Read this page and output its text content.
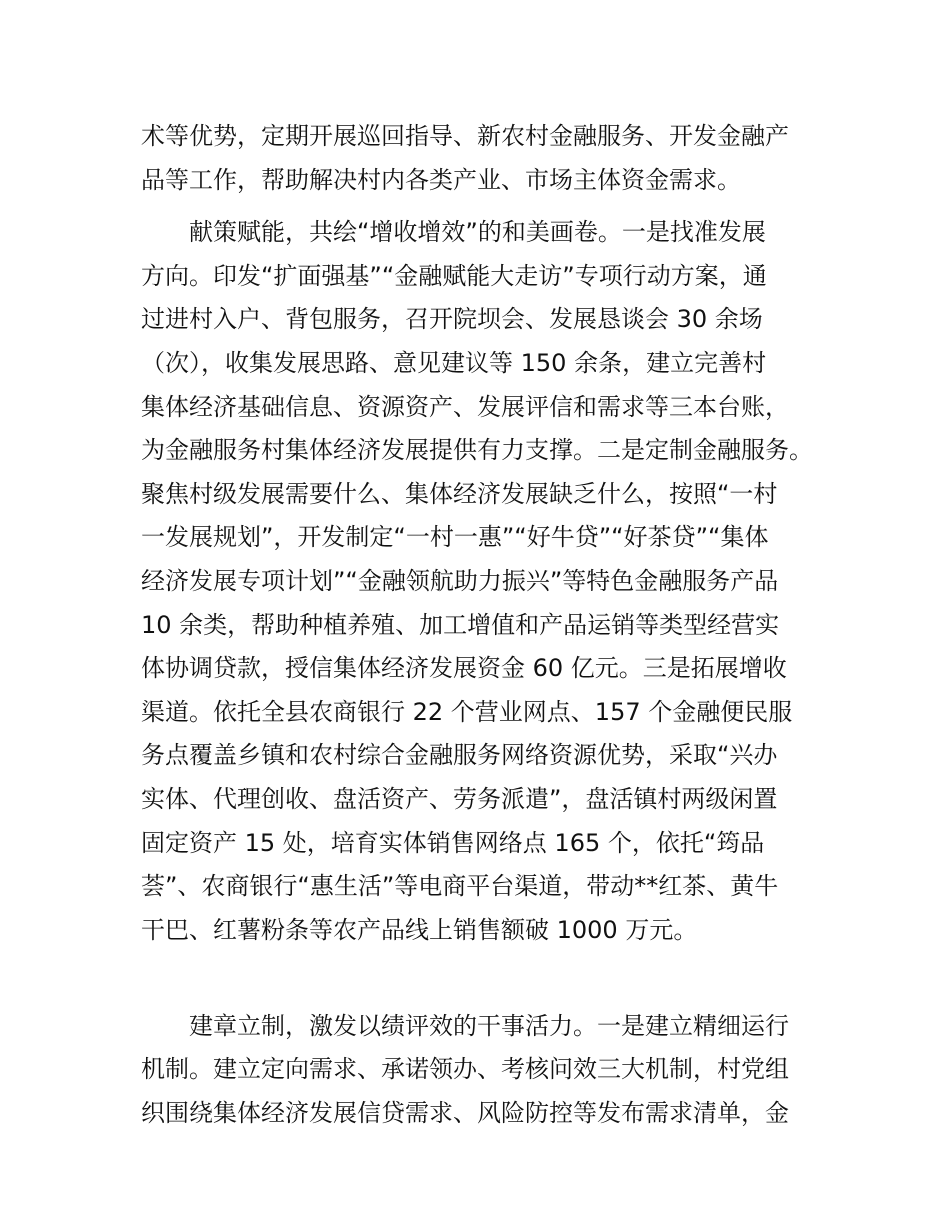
术等优势，定期开展巡回指导、新农村金融服务、开发金融产
品等工作，帮助解决村内各类产业、市场主体资金需求。
献策赋能，共绘“增收增效”的和美画卷。一是找准发展
方向。印发“扩面强基”“金融赋能大走访”专项行动方案，通
过进村入户、背包服务，召开院坝会、发展恳谈会 30 余场
（次），收集发展思路、意见建议等 150 余条，建立完善村
集体经济基础信息、资源资产、发展评信和需求等三本台账，
为金融服务村集体经济发展提供有力支撑。二是定制金融服务。
聚焦村级发展需要什么、集体经济发展缺乏什么，按照“一村
一发展规划”，开发制定“一村一惠”“好牛贷”“好茶贷”“集体
经济发展专项计划”“金融领航助力振兴”等特色金融服务产品
10 余类，帮助种植养殖、加工增值和产品运销等类型经营实
体协调贷款，授信集体经济发展资金 60 亿元。三是拓展增收
渠道。依托全县农商银行 22 个营业网点、157 个金融便民服
务点覆盖乡镇和农村综合金融服务网络资源优势，采取“兴办
实体、代理创收、盘活资产、劳务派遣”，盘活镇村两级闲置
固定资产 15 处，培育实体销售网络点 165 个，依托“筠品
荟”、农商银行“惠生活”等电商平台渠道，带动**红茶、黄牛
干巴、红薯粉条等农产品线上销售额破 1000 万元。
建章立制，激发以绩评效的干事活力。一是建立精细运行
机制。建立定向需求、承诺领办、考核问效三大机制，村党组
织围绕集体经济发展信贷需求、风险防控等发布需求清单，金
